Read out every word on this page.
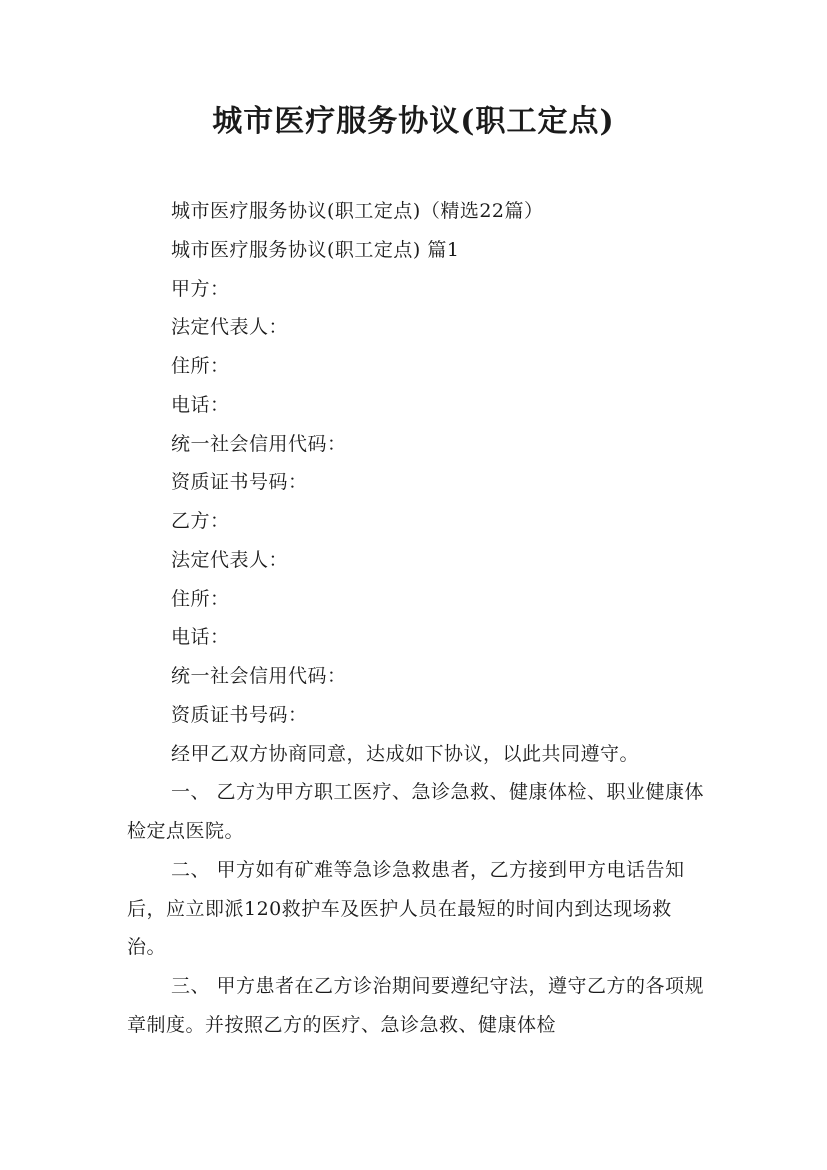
城市医疗服务协议(职工定点)
城市医疗服务协议(职工定点)（精选22篇）
城市医疗服务协议(职工定点) 篇1
甲方：
法定代表人：
住所：
电话：
统一社会信用代码：
资质证书号码：
乙方：
法定代表人：
住所：
电话：
统一社会信用代码：
资质证书号码：
经甲乙双方协商同意，达成如下协议，以此共同遵守。

一、 乙方为甲方职工医疗、急诊急救、健康体检、职业健康体检定点医院。

二、 甲方如有矿难等急诊急救患者，乙方接到甲方电话告知后，应立即派120救护车及医护人员在最短的时间内到达现场救治。

三、 甲方患者在乙方诊治期间要遵纪守法，遵守乙方的各项规章制度。并按照乙方的医疗、急诊急救、健康体检
